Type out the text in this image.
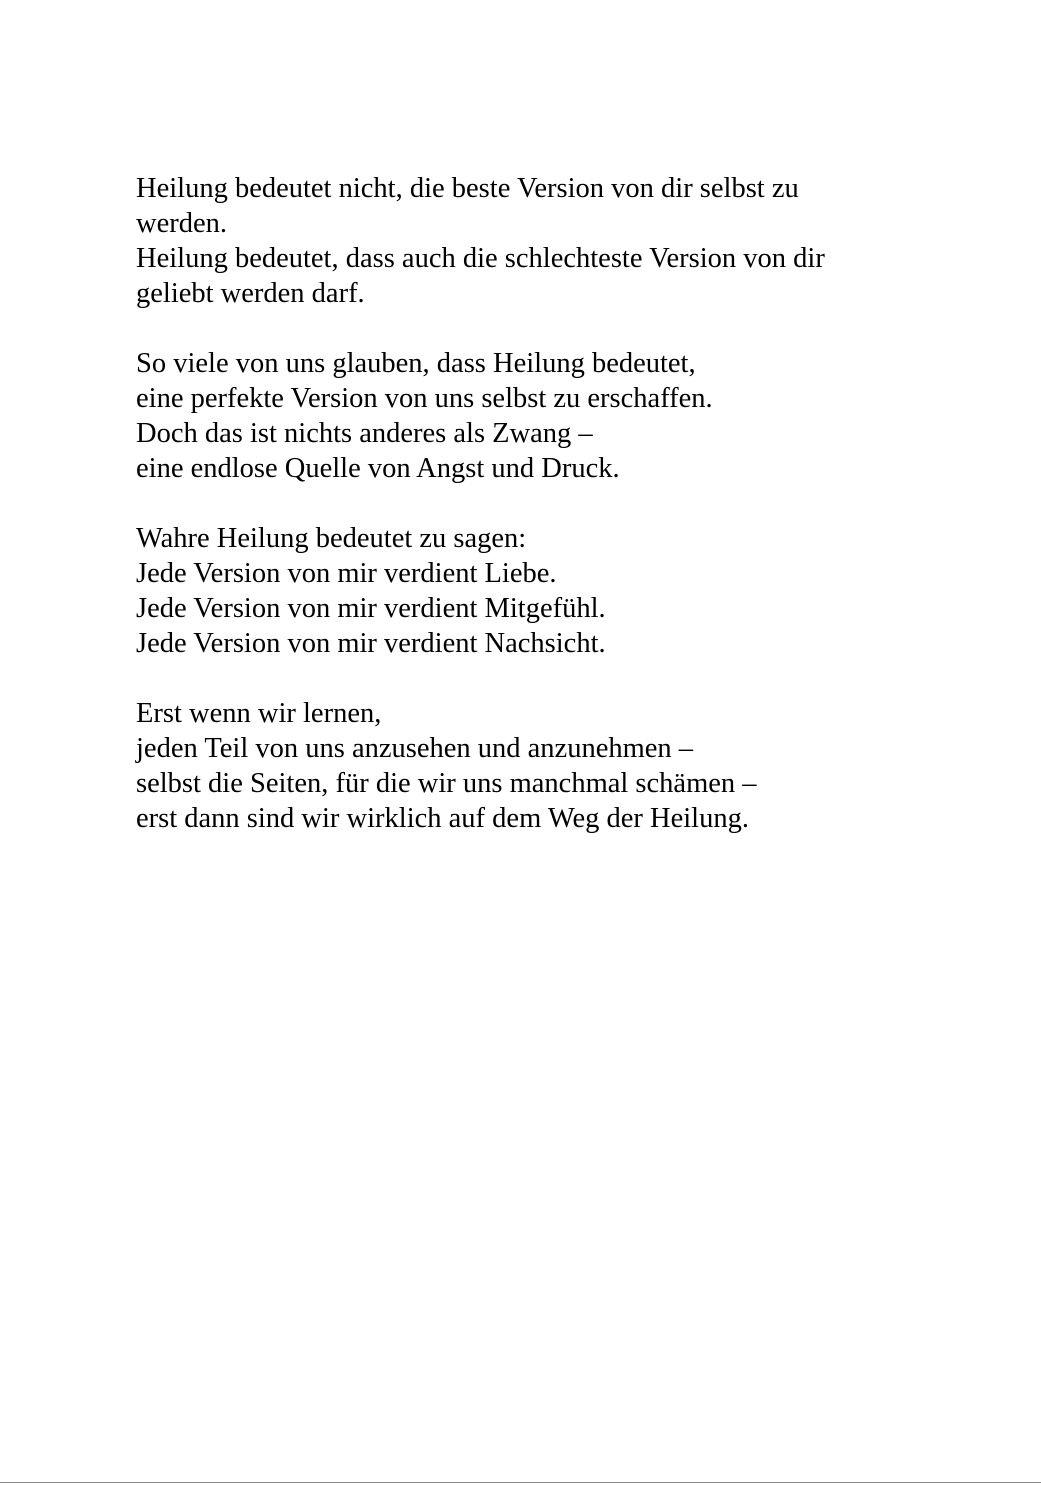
Heilung bedeutet nicht, die beste Version von dir selbst zu
werden.
Heilung bedeutet, dass auch die schlechteste Version von dir
geliebt werden darf.

So viele von uns glauben, dass Heilung bedeutet,
eine perfekte Version von uns selbst zu erschaffen.
Doch das ist nichts anderes als Zwang –
eine endlose Quelle von Angst und Druck.

Wahre Heilung bedeutet zu sagen:
Jede Version von mir verdient Liebe.
Jede Version von mir verdient Mitgefühl.
Jede Version von mir verdient Nachsicht.

Erst wenn wir lernen,
jeden Teil von uns anzusehen und anzunehmen –
selbst die Seiten, für die wir uns manchmal schämen –
erst dann sind wir wirklich auf dem Weg der Heilung.
